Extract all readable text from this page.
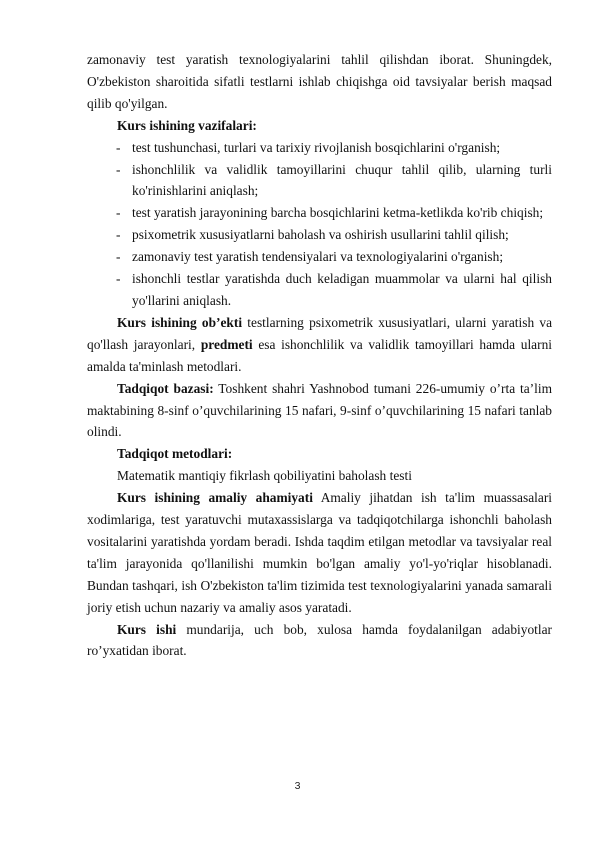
zamonaviy test yaratish texnologiyalarini tahlil qilishdan iborat. Shuningdek, O'zbekiston sharoitida sifatli testlarni ishlab chiqishga oid tavsiyalar berish maqsad qilib qo'yilgan.

Kurs ishining vazifalari:

- test tushunchasi, turlari va tarixiy rivojlanish bosqichlarini o'rganish;
- ishonchlilik va validlik tamoyillarini chuqur tahlil qilib, ularning turli ko'rinishlarini aniqlash;
- test yaratish jarayonining barcha bosqichlarini ketma-ketlikda ko'rib chiqish;
- psixometrik xususiyatlarni baholash va oshirish usullarini tahlil qilish;
- zamonaviy test yaratish tendensiyalari va texnologiyalarini o'rganish;
- ishonchli testlar yaratishda duch keladigan muammolar va ularni hal qilish yo'llarini aniqlash.

Kurs ishining ob’ekti testlarning psixometrik xususiyatlari, ularni yaratish va qo'llash jarayonlari, predmeti esa ishonchlilik va validlik tamoyillari hamda ularni amalda ta'minlash metodlari.

Tadqiqot bazasi: Toshkent shahri Yashnobod tumani 226-umumiy o’rta ta’lim maktabining 8-sinf o’quvchilarining 15 nafari, 9-sinf o’quvchilarining 15 nafari tanlab olindi.

Tadqiqot metodlari:

Matematik mantiqiy fikrlash qobiliyatini baholash testi

Kurs ishining amaliy ahamiyati Amaliy jihatdan ish ta'lim muassasalari xodimlariga, test yaratuvchi mutaxassislarga va tadqiqotchilarga ishonchli baholash vositalarini yaratishda yordam beradi. Ishda taqdim etilgan metodlar va tavsiyalar real ta'lim jarayonida qo'llanilishi mumkin bo'lgan amaliy yo'l-yo'riqlar hisoblanadi. Bundan tashqari, ish O'zbekiston ta'lim tizimida test texnologiyalarini yanada samarali joriy etish uchun nazariy va amaliy asos yaratadi.

Kurs ishi mundarija, uch bob, xulosa hamda foydalanilgan adabiyotlar ro’yxatidan iborat.

3
